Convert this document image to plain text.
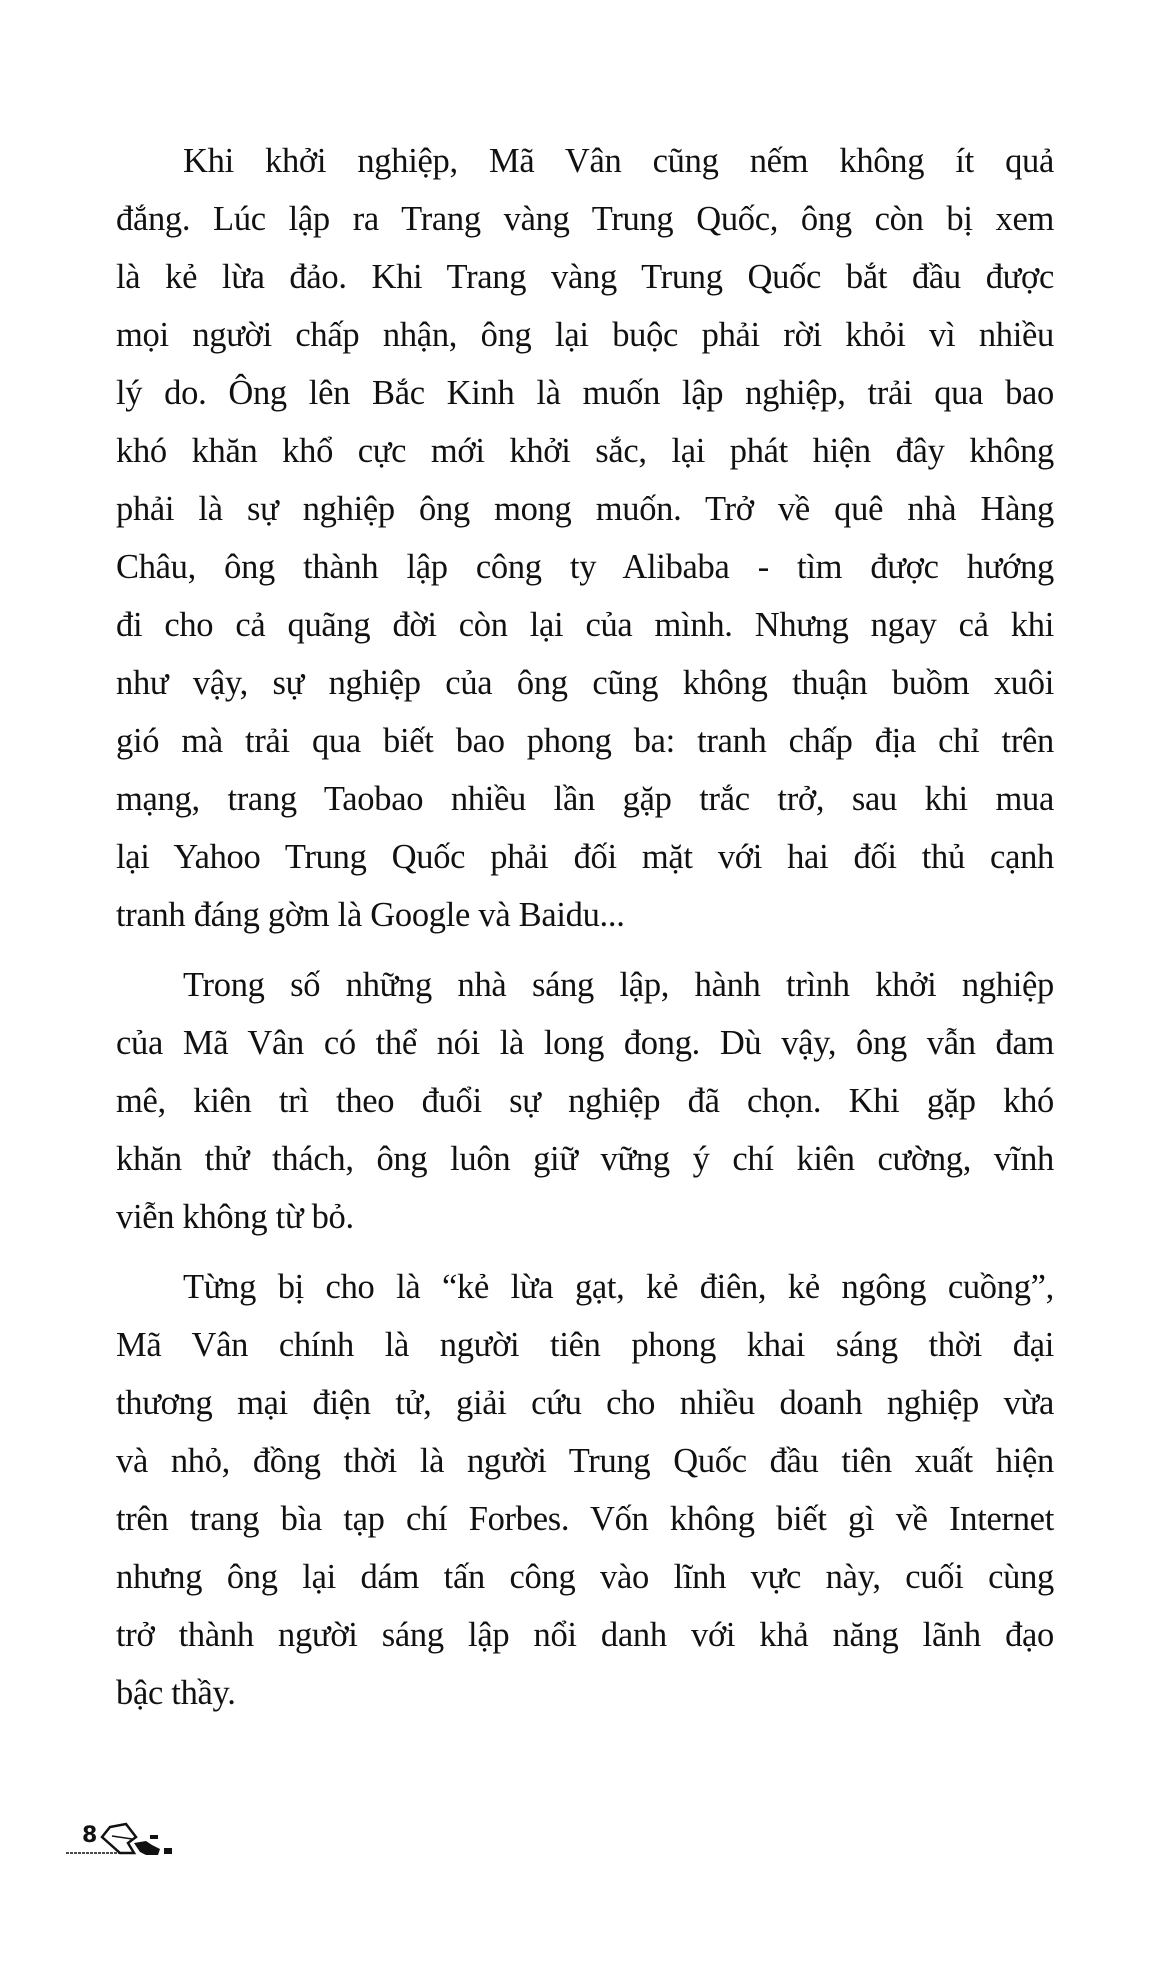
Khi khởi nghiệp, Mã Vân cũng nếm không ít quả
đắng. Lúc lập ra Trang vàng Trung Quốc, ông còn bị xem
là kẻ lừa đảo. Khi Trang vàng Trung Quốc bắt đầu được
mọi người chấp nhận, ông lại buộc phải rời khỏi vì nhiều
lý do. Ông lên Bắc Kinh là muốn lập nghiệp, trải qua bao
khó khăn khổ cực mới khởi sắc, lại phát hiện đây không
phải là sự nghiệp ông mong muốn. Trở về quê nhà Hàng
Châu, ông thành lập công ty Alibaba - tìm được hướng
đi cho cả quãng đời còn lại của mình. Nhưng ngay cả khi
như vậy, sự nghiệp của ông cũng không thuận buồm xuôi
gió mà trải qua biết bao phong ba: tranh chấp địa chỉ trên
mạng, trang Taobao nhiều lần gặp trắc trở, sau khi mua
lại Yahoo Trung Quốc phải đối mặt với hai đối thủ cạnh
tranh đáng gờm là Google và Baidu...
Trong số những nhà sáng lập, hành trình khởi nghiệp
của Mã Vân có thể nói là long đong. Dù vậy, ông vẫn đam
mê, kiên trì theo đuổi sự nghiệp đã chọn. Khi gặp khó
khăn thử thách, ông luôn giữ vững ý chí kiên cường, vĩnh
viễn không từ bỏ.
Từng bị cho là “kẻ lừa gạt, kẻ điên, kẻ ngông cuồng”,
Mã Vân chính là người tiên phong khai sáng thời đại
thương mại điện tử, giải cứu cho nhiều doanh nghiệp vừa
và nhỏ, đồng thời là người Trung Quốc đầu tiên xuất hiện
trên trang bìa tạp chí Forbes. Vốn không biết gì về Internet
nhưng ông lại dám tấn công vào lĩnh vực này, cuối cùng
trở thành người sáng lập nổi danh với khả năng lãnh đạo
bậc thầy.
8
